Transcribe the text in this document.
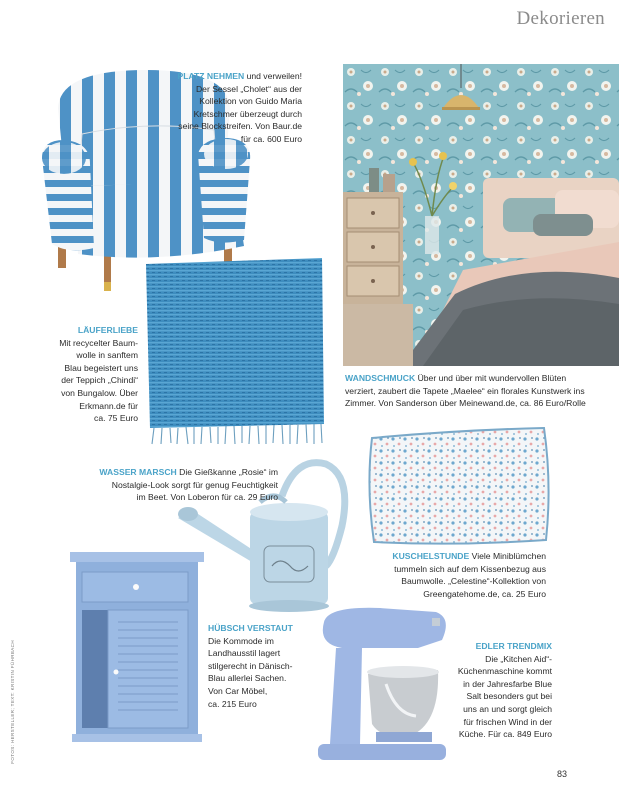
Dekorieren
PLATZ NEHMEN und verweilen!
Der Sessel „Cholet“ aus der
Kollektion von Guido Maria
Kretschmer überzeugt durch
seine Blockstreifen. Von Baur.de
für ca. 600 Euro
LÄUFERLIEBE
Mit recycelter Baum-
wolle in sanftem
Blau begeistert uns
der Teppich „Chindi“
von Bungalow. Über
Erkmann.de für
ca. 75 Euro
WANDSCHMUCK Über und über mit wundervollen Blüten
verziert, zaubert die Tapete „Maelee“ ein florales Kunstwerk ins
Zimmer. Von Sanderson über Meinewand.de, ca. 86 Euro/Rolle
WASSER MARSCH Die Gießkanne „Rosie“ im
Nostalgie-Look sorgt für genug Feuchtigkeit
im Beet. Von Loberon für ca. 29 Euro
KUSCHELSTUNDE Viele Miniblümchen
tummeln sich auf dem Kissenbezug aus
Baumwolle. „Celestine“-Kollektion von
Greengatehome.de, ca. 25 Euro
HÜBSCH VERSTAUT
Die Kommode im
Landhausstil lagert
stilgerecht in Dänisch-
Blau allerlei Sachen.
Von Car Möbel,
ca. 215 Euro
EDLER TRENDMIX
Die „Kitchen Aid“-
Küchenmaschine kommt
in der Jahresfarbe Blue
Salt besonders gut bei
uns an und sorgt gleich
für frischen Wind in der
Küche. Für ca. 849 Euro
FOTOS: HERSTELLER; TEXT: KRISTIN FÜHRBACH
83
